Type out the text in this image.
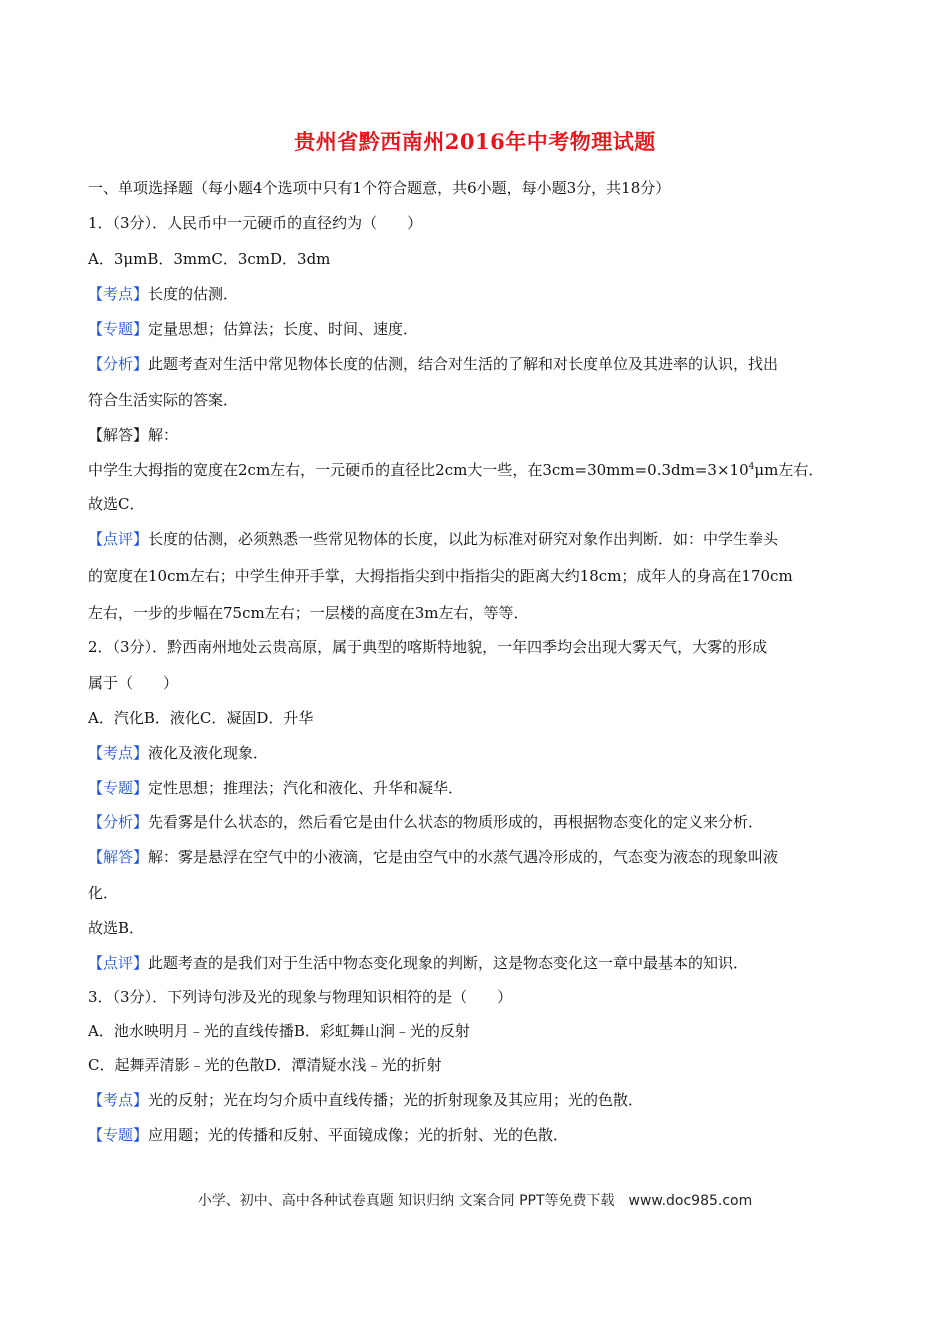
贵州省黔西南州2016年中考物理试题
一、单项选择题（每小题4个选项中只有1个符合题意，共6小题，每小题3分，共18分）
1．（3分）．人民币中一元硬币的直径约为（　　）
A．3μmB．3mmC．3cmD．3dm
【考点】长度的估测．
【专题】定量思想；估算法；长度、时间、速度．
【分析】此题考查对生活中常见物体长度的估测，结合对生活的了解和对长度单位及其进率的认识，找出
符合生活实际的答案．
【解答】解：
中学生大拇指的宽度在2cm左右，一元硬币的直径比2cm大一些，在$3cm=30mm=0.3dm=3\times 10^4\mu m$左右．
故选C．
【点评】长度的估测，必须熟悉一些常见物体的长度，以此为标准对研究对象作出判断．如：中学生拳头
的宽度在10cm左右；中学生伸开手掌，大拇指指尖到中指指尖的距离大约18cm；成年人的身高在170cm
左右，一步的步幅在75cm左右；一层楼的高度在3m左右，等等．
2．（3分）．黔西南州地处云贵高原，属于典型的喀斯特地貌，一年四季均会出现大雾天气，大雾的形成
属于（　　）
A．汽化B．液化C．凝固D．升华
【考点】液化及液化现象．
【专题】定性思想；推理法；汽化和液化、升华和凝华．
【分析】先看雾是什么状态的，然后看它是由什么状态的物质形成的，再根据物态变化的定义来分析．
【解答】解：雾是悬浮在空气中的小液滴，它是由空气中的水蒸气遇冷形成的，气态变为液态的现象叫液
化．
故选B．
【点评】此题考查的是我们对于生活中物态变化现象的判断，这是物态变化这一章中最基本的知识．
3．（3分）．下列诗句涉及光的现象与物理知识相符的是（　　）
A．池水映明月﹣光的直线传播B．彩虹舞山涧﹣光的反射
C．起舞弄清影﹣光的色散D．潭清疑水浅﹣光的折射
【考点】光的反射；光在均匀介质中直线传播；光的折射现象及其应用；光的色散．
【专题】应用题；光的传播和反射、平面镜成像；光的折射、光的色散．
小学、初中、高中各种试卷真题 知识归纳 文案合同 PPT等免费下载　www.doc985.com
